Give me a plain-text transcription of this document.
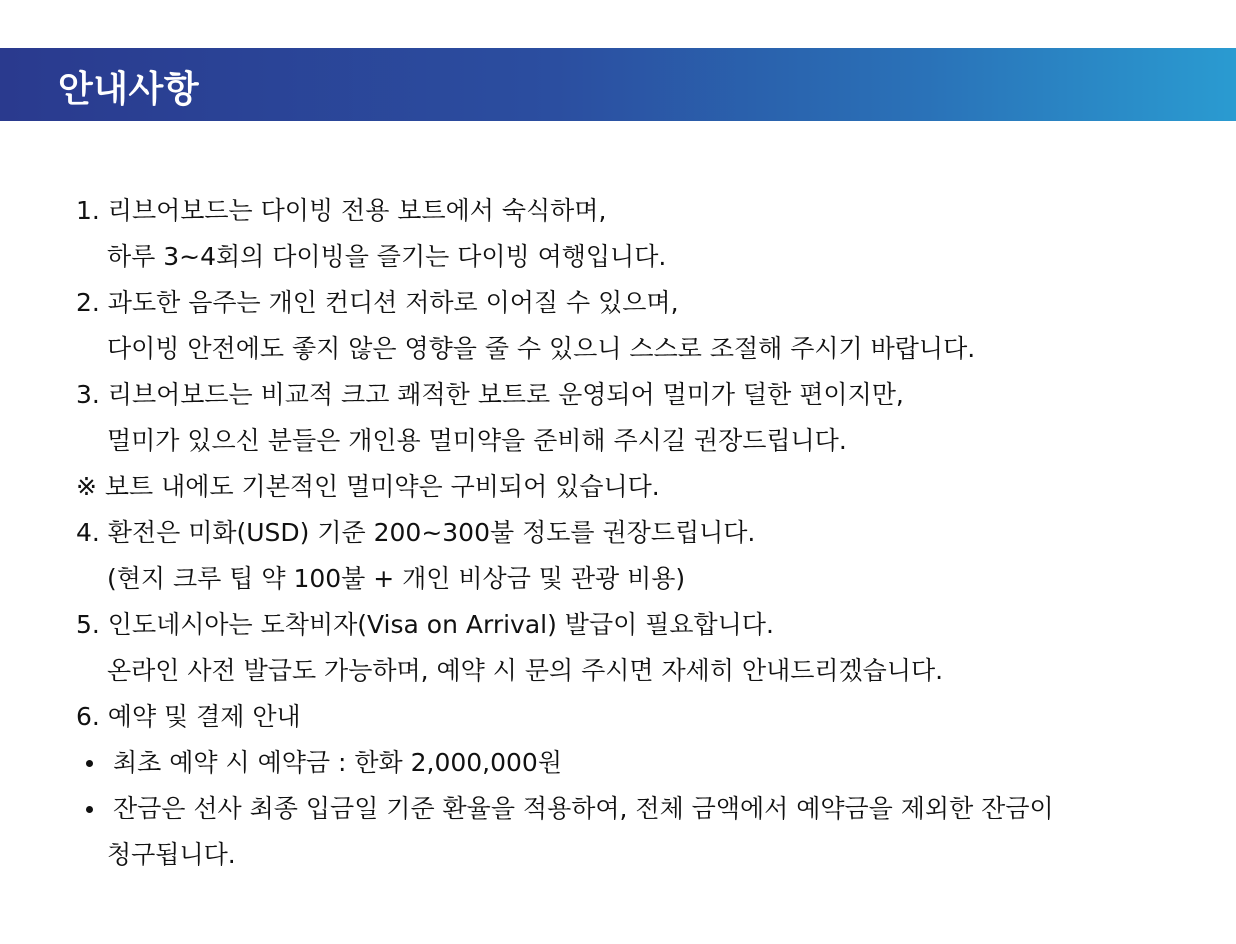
안내사항
1. 리브어보드는 다이빙 전용 보트에서 숙식하며,
하루 3~4회의 다이빙을 즐기는 다이빙 여행입니다.
2. 과도한 음주는 개인 컨디션 저하로 이어질 수 있으며,
다이빙 안전에도 좋지 않은 영향을 줄 수 있으니 스스로 조절해 주시기 바랍니다.
3. 리브어보드는 비교적 크고 쾌적한 보트로 운영되어 멀미가 덜한 편이지만,
멀미가 있으신 분들은 개인용 멀미약을 준비해 주시길 권장드립니다.
※ 보트 내에도 기본적인 멀미약은 구비되어 있습니다.
4. 환전은 미화(USD) 기준 200~300불 정도를 권장드립니다.
(현지 크루 팁 약 100불 + 개인 비상금 및 관광 비용)
5. 인도네시아는 도착비자(Visa on Arrival) 발급이 필요합니다.
온라인 사전 발급도 가능하며, 예약 시 문의 주시면 자세히 안내드리겠습니다.
6. 예약 및 결제 안내
최초 예약 시 예약금 : 한화 2,000,000원
잔금은 선사 최종 입금일 기준 환율을 적용하여, 전체 금액에서 예약금을 제외한 잔금이
청구됩니다.
